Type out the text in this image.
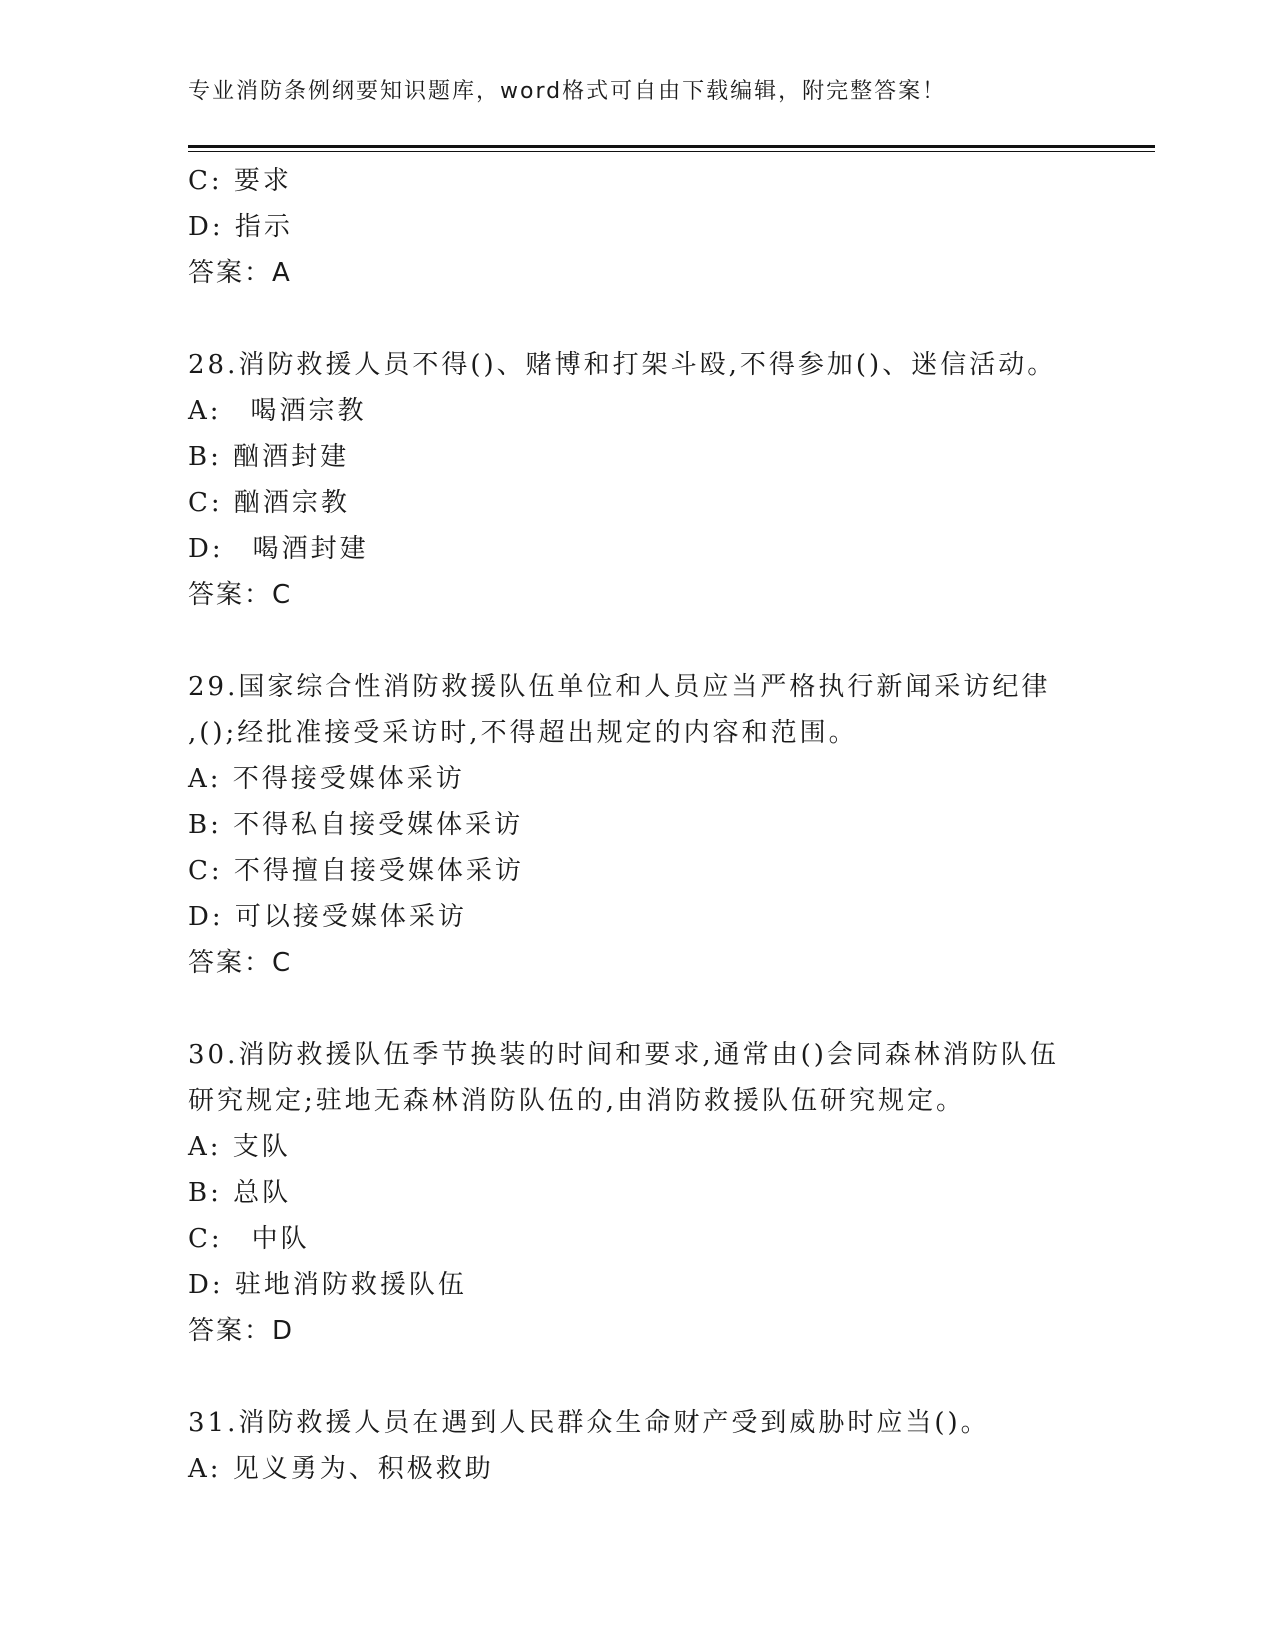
专业消防条例纲要知识题库，word格式可自由下载编辑，附完整答案！
C: 要求
D: 指示
答案：A
28.消防救援人员不得()、赌博和打架斗殴,不得参加()、迷信活动。
A:　喝酒宗教
B: 酗酒封建
C: 酗酒宗教
D:　喝酒封建
答案：C
29.国家综合性消防救援队伍单位和人员应当严格执行新闻采访纪律
,();经批准接受采访时,不得超出规定的内容和范围。
A: 不得接受媒体采访
B: 不得私自接受媒体采访
C: 不得擅自接受媒体采访
D: 可以接受媒体采访
答案：C
30.消防救援队伍季节换装的时间和要求,通常由()会同森林消防队伍
研究规定;驻地无森林消防队伍的,由消防救援队伍研究规定。
A: 支队
B: 总队
C:　中队
D: 驻地消防救援队伍
答案：D
31.消防救援人员在遇到人民群众生命财产受到威胁时应当()。
A: 见义勇为、积极救助
